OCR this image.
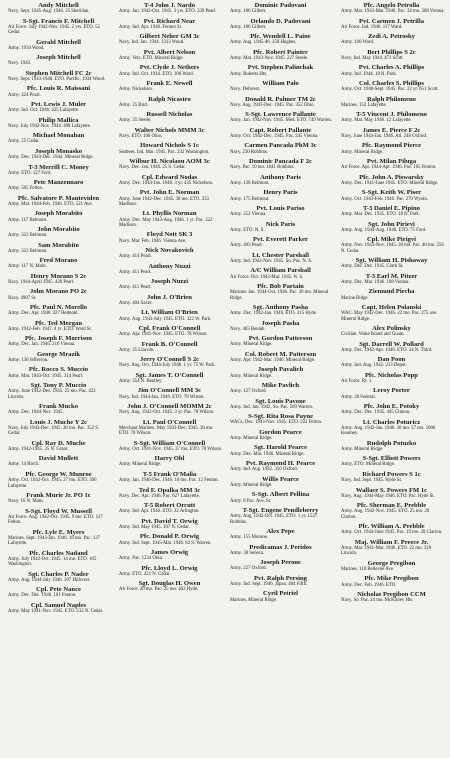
Andy Mitchell
Navy. Sept. 1945-Aug. 1946. 25 Sheridan.
S-Sgt. Francis F. Mitchell
Air Force. July 1942-Nov. 1945. 2 yrs. ETO. 52 Cedar.
Gerald Mitchell
Army. 1934 Wood.
Joseph Mitchell
Navy. 1943.
Stephen Mitchell FC 2c
Navy. Sept. 1943-1946. ETO. Pacific. 1934 Wood.
Pfc. Louis R. Maissani
Army. 424 Pearl.
Pvt. Lewis J. Muler
Army. Ind. Oct. 1946. 425 Lafayette.
Philip Mallica
Navy. July 1942-Nov. 1944. 408 Lafayette.
Michael Monahan
Army. 25 Cedar.
Joseph Monasko
Army. Dec. 1943-Dec. 1944. Mineral Ridge.
T-3 Merrill C. Money
Army. ETO. 127 Ford.
Pete Manzennaro
Army. 505 Felton.
Pfc. Salvatore P. Manteviden
Army. Mar. 1944-Feb. 1946. ETO. 521 Ave.
Joseph Morabito
Army. 117 Belmont.
John Morabito
Army. 322 Belmont.
Sam Morabito
Army. 322 Belmont.
Fred Morano
Army. 117 N. Main.
Henry Morano S 2c
Navy. 1944-April 1945. 420 Pearl.
John Morano PO 2c
Navy. 4907 St.
Pfc. Paul N. Morello
Army. Dec. Apr. 1946. 427 Belmont.
Pfc. Ted Morgan
Army. 1942-Feb. 1947. 4 yr. ETO. Ward St.
Pfc. Joseph F. Morrison
Army. Dec. Jan. 1946. 216 Vienna.
George Mrazik
Army. 136 Jefferson.
Pfc. Rocco S. Muccio
Army. Mar. 1943-Oct. 1945. 314 Pearl.
Sgt. Tony P. Muccio
Army. June 1942-Dec. 1945. 25 mo. Pac. 422 Lincoln.
Frank Mucko
Army. Dec. 1944-Nov. 1945.
Louis J. Muche Y 2c
Navy. July 1943-Dec. 1945. 30 mo. Pac. 352 S. Cedar.
Cpl. Ray D. Muche
Army. 1942-1945. 25 N. Grant.
David Mullett
Army. 14 Birch.
Pfc. George W. Munroe
Army. Oct. 1942-Oct. 1945. 27 mo. ETO. 306 Lafayette.
Frank Murie Jr. PO 1c
Navy. 16 N. Main.
S-Sgt. Floyd W. Mussell
Air Force. Aug. 1942-Oct. 1945. 9 mo. ETO. 127 Felton.
Pfc. Lyle E. Myers
Marines. Sept. 1943-Jan. 1946. 18 mo. Pac. 137 Lafayette.
Pfc. Charles Nadand
Army. July 1942-Oct. 1945. 14 mo. ETO. 105 Washington.
Sgt. Charles P. Nader
Army. Aug. 1944-July 1946. 307 Hillcrest.
Cpl. Pete Nance
Army. Dec. Dec. 1946. 101 Fenton.
Cpl. Samuel Naples
Army. May 1941-Nov. 1945. ETO. 232 N. Cedar.
T-4 John J. Nardo
Army. Jan. 1942-Oct. 1945. 3 yrs. ETO. 339 Pearl.
Pvt. Richard Near
Army. Ind. Apr. 1946. Fenton St.
Gilbert Neher GM 3c
Navy. Ind. Jan. 1944. 1313 Wood.
Pvt. Albert Nelson
Army. Vets. ETO. Mineral Ridge.
Pvt. Clyde J. Nethers
Army. Ind. Oct. 1944. ETO. 300 Ward.
Frank E. Newell
Army. Nickelson.
Ralph Nicastro
Army. 25 Bird.
Russell Nicholas
Army. 35 Steele.
Walter Nichols MMM 3c
Navy. ETO. 106 Ohio.
Howard Nichols S 1c
Seabees. Ind. Mar. 1945. Pac. 232 Washington.
Wilbur H. Nicolaou AOM 3c
Navy. Dec. Jan. 1946. 25 S. Cedar.
Cpl. Edward Nodas
Army. Dec. 1943-Jan. 1946. 3 yr. 435 Nickelson.
Pvt. John E. Norman
Army. June 1942-Dec. 1945. 38 mo. ETO. 333 Madison.
Lt. Phyllis Norman
Army. Dec. May 1943-Aug. 1946. 1 yr. Pac. 222 Madison.
Floyd Nott SK 3
Navy. Mar. Feb. 1946. Vienna Ave.
Nick Novakovich
Army. 414 Pearl.
Anthony Nuzzi
Army. 411 Pearl.
Joseph Nuzzi
Army. 411 Pearl.
John J. O'Brien
Army. 404 Saxer.
Lt. William O'Brien
Army. Aug. 1943-July 1945. ETO. 322 W. Park.
Cpl. Frank O'Connell
Army. Apr. 1941-Nov. 1945. ETO. 78 Wilson.
Frank B. O'Connell
Army. 35 Lincoln.
Jerry O'Connell S 2c
Navy. Aug. Oct. 1944-July 1946. 1 yr. 75 W. Park.
Sgt. James T. O'Connell
Army. 354 N. Bentley.
Jim O'Connell MM 3c
Navy. Ind. 1944-Jan. 1946. ETO. 78 Wilson.
John J. O'Connell MOMM 2c
Navy. Aug. 1942-Oct. 1945. 3 yr. Pac. 78 Wilson.
Lt. Paul O'Connell
Merchant Marines. May 1943-Dec. 1945. 30 mo. ETO. 78 Wilson.
S-Sgt. William O'Connell
Army. Oct. 1941-Nov. 1945. 37 mo. ETO. 78 Wilson.
Harry Ohl
Army. Mineral Ridge.
T-5 Frank O'Malia
Army. Jan. 1946-Dec. 1946. 10 mo. Pac. 12 Fenton.
Ted F. Opalka MM 3c
Navy. Dec. Apr. 1946. Pac. 627 Lafayette.
T-5 Robert Orcutt
Army. Ind. Apr. 1946. ETO. 32 Arlington.
Pvt. David T. Orwig
Army. Ind. May 1945. 307 N. Cedar.
Pfc. Donald P. Orwig
Army. Ind. Sept. 1945-Mar. 1946. 82 S. Warren.
James Orwig
Army. Pac. 1234 Ohio.
Pfc. Lloyd L. Orwig
Army. ETO. 421 N. Cedar.
Sgt. Douglas H. Owen
Air Force. 30 mo. Pac. 25 mo. 402 Hyde.
Dominic Padovani
Army. 186 Gilbert.
Orlando D. Padovani
Army. 186 Gilbert.
Pfc. Wendell L. Paine
Army. Aug. 1945-46. 350 Hughes.
Pfc. Robert Painter
Army. Mar. 1943-Nov. 1945. 227 Steele.
Pvt. Stephen Palinchak
Army. Roberts Hts.
William Palo
Navy. Deforest.
Donald R. Palmer TM 2c
Navy. Aug. 1943-Dec. 1945. Pac. 352 Ohio.
S-Sgt. Lawrence Pallante
Army. Jan. 1942-Nov. 1945. Med. ETO. 749 Warren.
Capt. Robert Pallante
Army. Oct. 1942-Dec. 1945. Pac. 245 Vienna.
Carmen Pancada PhM 3c
Navy. 230 Robbins.
Dominic Pancada F 2c
Navy. Pac. 10 mo. 1041 Robbins.
Anthony Paris
Army. 138 Belmont.
Henry Paris
Army. 175 Belmont.
Pvt. Louis Pariso
Army. 252 Vienna.
Nick Paris
Army. ETO. N. S.
Pvt. Everett Parker
Army. 403 Pearl.
Lt. Chester Parshall
Army. Ind. 1942-Nov. 1945. So. Pac. N. S.
A/C William Parshall
Air Force. Oct. 1943-Mar. 1945. N. S.
Pfc. Bob Partain
Marines. Jan. 1944-Oct. 1946. Pac. 30 mo. Mineral Ridge.
Sgt. Anthony Pasha
Army. Dec. 1942-Jan. 1946. ETO. 215 Hyde.
Joseph Pasha
Navy. 465 Beulah.
Pvt. Gordon Patterson
Army. Mineral Ridge.
Col. Robert M. Patterson
Army. Apr. 1942-Mar. 1946. Mineral Ridge.
Joseph Pavalich
Army. Mineral Ridge.
Mike Pavlich
Army. 127 Oxford.
Sgt. Louis Pavone
Army. Ind. Jan. 1942. So. Pac. 509 Warren.
S-Sgt. Rita Rosa Payne
WACs. Dec. 1943-Nov. 1945. ETO. 222 Felton.
Gordon Pearce
Army. Mineral Ridge.
Sgt. Harold Pearce
Army. Dec. Mar. 1946. Mineral Ridge.
Pvt. Raymond H. Pearce
Army. Ind. Aug. 1942. 350 Oxford.
Willis Pearce
Army. Mineral Ridge.
S-Sgt. Albert Pellina
Army. 8 Pac. Ave. St.
T-Sgt. Eugene Pendleberry
Army. Aug. 1942-Oct. 1945. ETO. 1 yr. 1537 Robbins.
Alex Pepe
Army. 155 Monroe.
Predicamas J. Peridos
Army. 38 Seneca.
Joseph Perone
Army. 227 Oxford.
Pvt. Ralph Persing
Army. Ind. Sept. 1946. Japan. 404 Fifth.
Cyril Petriel
Marines. Mineral Ridge.
Pfc. Angelo Petrolla
Army. Mar. 1943-Mar. 1946. Pac. 34 mo. 308 Vienna.
Pvt. Carmen J. Petrilla
Air Force. Ind. 1946. 117 Ward.
Zedi A. Petrosky
Army. 100 Ward.
Bert Phillips S 2c
Navy. Ind. May 1944. 471 Scott.
Pvt. Charles A. Phillips
Army. Ind. 1944. 18 N. Park.
Col. Charles S. Phillips
Army. Oct. 1940-Sept. 1945. Pac. 22 yr. 651 Scott.
Ralph Philomeno
Marines. 152 Lafayette.
T-5 Vincent J. Philomeno
Army. Mar. May 1946. 12 Lafayette.
James E. Pierce F 2c
Navy. June 1944-Jan. 1946. Atl. 248 Oxford.
Pfc. Raymond Pierce
Army. Mineral Ridge.
Pvt. Milan Piluga
Air Force. Apr. 1944-Apr. 1946. Pac. 105 Fenton.
Pfc. John A. Piswarsky
Army. Dec. 1941-June 1945. ETO. Mineral Ridge.
S-Sgt. Keith W. Piser
Army. Oct. 1943-Feb. 1946. Pac. 270 Wyoin.
T-3 Daniel E. Pipino
Army. Mar. Dec. 1945. ETO. 18 N. Park.
Sgt. John Pirievi
Army. Aug. 1944-Aug. 1946. ETO. 75 Ford.
Cpl. Mike Pirigvi
Army. Nov. 1943-Nov. 1945. 30 mo. Pac. 40 mo. 256 N. Cedar.
Sgt. William H. Pishaway
Army. Dec. Dec. 1945. Clark St.
T-3 Earl M. Pitzer
Army. Dec. Mar. 1946. 108 Vienna.
Ziemund Piecha
Marine Ridge.
Capt. Helen Polanski
WAC. May 1942-Dec. 1946. 22 mo. Pac. 275 ave. Mineral Ridge.
Alex Polinsky
Civilian. Wake Island and Guam.
Sgt. Darrell W. Pollard
Army. Dec. 1942-Apr. 1946. ETO. 34 N. Third.
Dan Poon
Army. Ind. Aug. 1942. 213 Depot.
Pfc. Nicholas Popp
Air Force. Rt. 1.
Leroy Porter
Army. 28 Federal.
Pfc. John E. Potoky
Army. Dec. Dec. 1945. 445 Clinton.
Lt. Charles Poturicz
Army. Aug. 1942-Jan. 1946. 30 mo. 27 mo. 1006 Kearney.
Rudolph Potuzko
Army. Mineral Ridge.
S-Sgt. Elliott Powers
Army. ETO. Mineral Ridge.
Richard Powers S 1c
Navy. Ind. Sept. 1945. Hyde St.
Wallace S. Powers FM 1c
Navy. Aug. 1944-May 1946. ETO. Pac. Hyde St.
Pfc. Sherman E. Prebble
Army. Aug. 1942-Nov. 1945. ETO. 25 mo. 20 Clarion.
Pfc. William A. Prebble
Army. Oct. 1944-June 1945. Pac. 19 mo. 20 Clarion.
Maj. William F. Preece Jr.
Army. Mar. 1941-Mar. 1946. ETO. 22 mo. 318 Lincoln.
George Pregibon
Marines. 118 Bellevue Ave.
Pfc. Mike Pregibon
Army. Dec. Feb. 1946. ETO.
Nicholas Pregibon CCM
Navy. So. Pac. 24 mo. McKinley Hts.
